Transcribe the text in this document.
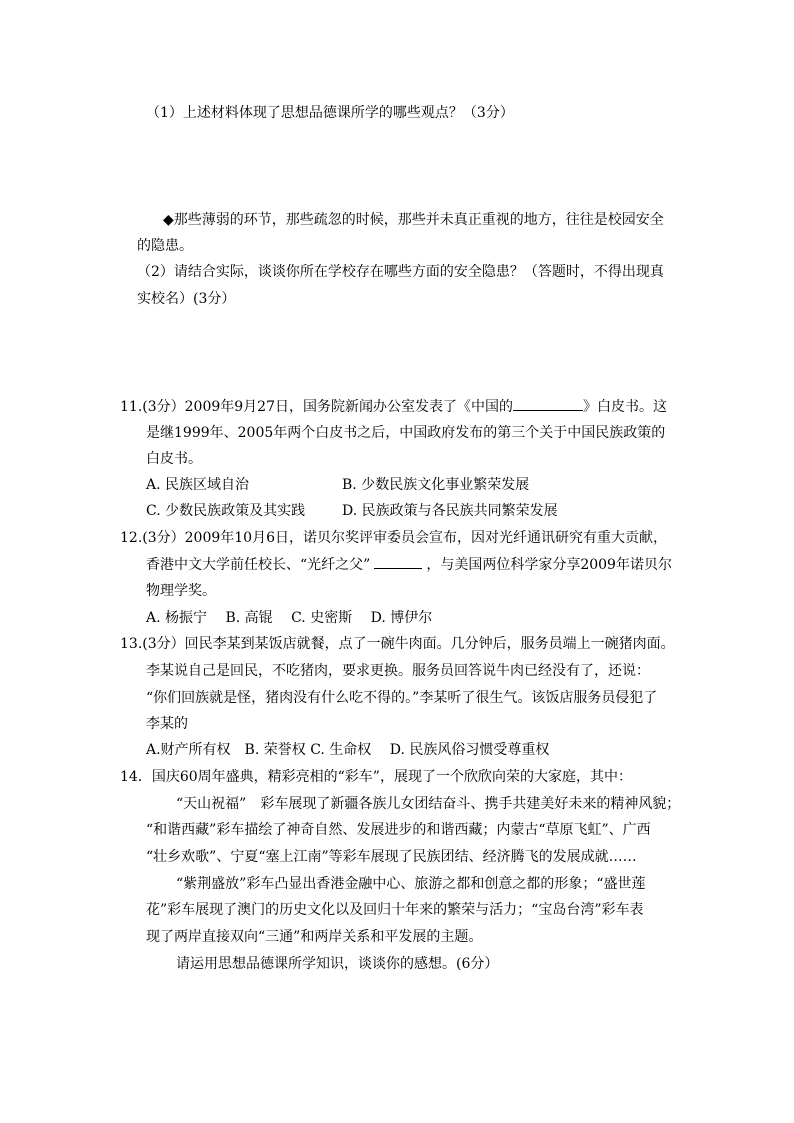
（1）上述材料体现了思想品德课所学的哪些观点？（3分）
◆那些薄弱的环节，那些疏忽的时候，那些并未真正重视的地方，往往是校园安全
的隐患。
（2）请结合实际，谈谈你所在学校存在哪些方面的安全隐患？（答题时，不得出现真
实校名）(3分）
11.(3分）2009年9月27日，国务院新闻办公室发表了《中国的	》白皮书。这
是继1999年、2005年两个白皮书之后，中国政府发布的第三个关于中国民族政策的
白皮书。
A. 民族区域自治	B. 少数民族文化事业繁荣发展
C. 少数民族政策及其实践	D. 民族政策与各民族共同繁荣发展
12.(3分）2009年10月6日，诺贝尔奖评审委员会宣布，因对光纤通讯研究有重大贡献，
香港中文大学前任校长、“光纤之父”	，与美国两位科学家分享2009年诺贝尔
物理学奖。
A. 杨振宁　 B. 高锟　 C. 史密斯　 D. 博伊尔
13.(3分）回民李某到某饭店就餐，点了一碗牛肉面。几分钟后，服务员端上一碗猪肉面。
李某说自己是回民，不吃猪肉，要求更换。服务员回答说牛肉已经没有了，还说：
“你们回族就是怪，猪肉没有什么吃不得的。”李某听了很生气。该饭店服务员侵犯了
李某的
A.财产所有权　B. 荣誉权 C. 生命权　 D. 民族风俗习惯受尊重权
14．国庆60周年盛典，精彩亮相的“彩车”，展现了一个欣欣向荣的大家庭，其中：
“天山祝福”　彩车展现了新疆各族儿女团结奋斗、携手共建美好未来的精神风貌；
“和谐西藏”彩车描绘了神奇自然、发展进步的和谐西藏；内蒙古“草原飞虹”、广西
“壮乡欢歌”、宁夏“塞上江南”等彩车展现了民族团结、经济腾飞的发展成就……
“紫荆盛放”彩车凸显出香港金融中心、旅游之都和创意之都的形象；“盛世莲
花”彩车展现了澳门的历史文化以及回归十年来的繁荣与活力；“宝岛台湾”彩车表
现了两岸直接双向“三通”和两岸关系和平发展的主题。
请运用思想品德课所学知识，谈谈你的感想。(6分）
